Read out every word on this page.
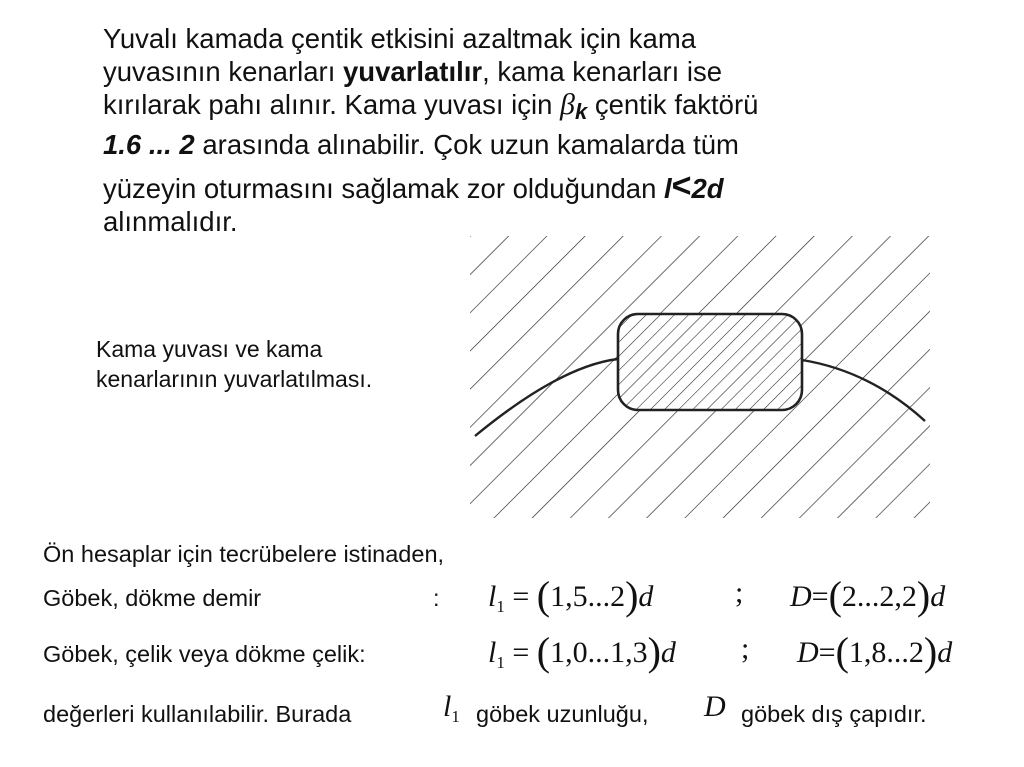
Yuvalı kamada çentik etkisini azaltmak için kama
yuvasının kenarları yuvarlatılır, kama kenarları ise
kırılarak pahı alınır. Kama yuvası için $\beta_k$ çentik faktörü
1.6 ... 2 arasında alınabilir. Çok uzun kamalarda tüm
yüzeyin oturmasını sağlamak zor olduğundan l<2d
alınmalıdır.
Kama yuvası ve kama
kenarlarının yuvarlatılması.
Ön hesaplar için tecrübelere istinaden,
Göbek, dökme demir	: $l_1 = (1,5...2)d$	; D=(2...2,2)d
Göbek, çelik veya dökme çelik:	$l_1 = (1,0...1,3)d$ ; D=(1,8...2)d
değerleri kullanılabilir. Burada	$l_1$ göbek uzunluğu, D göbek dış çapıdır.
